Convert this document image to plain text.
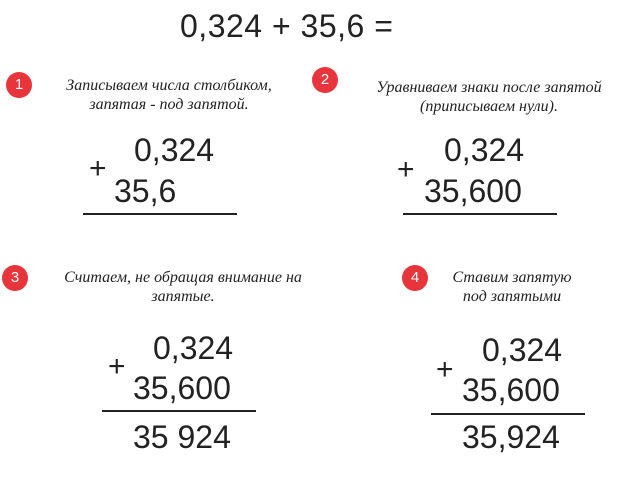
0,324 + 35,6 =
1	Записываем числа столбиком,
запятая - под запятой.
+
0,324
35,6
2	Уравниваем знаки после запятой
(приписываем нули).
+
0,324
35,600
3	Считаем, не обращая внимание на
запятые.
+
0,324
35,600
35 924
4	Ставим запятую
под запятыми
+
0,324
35,600
35,924
